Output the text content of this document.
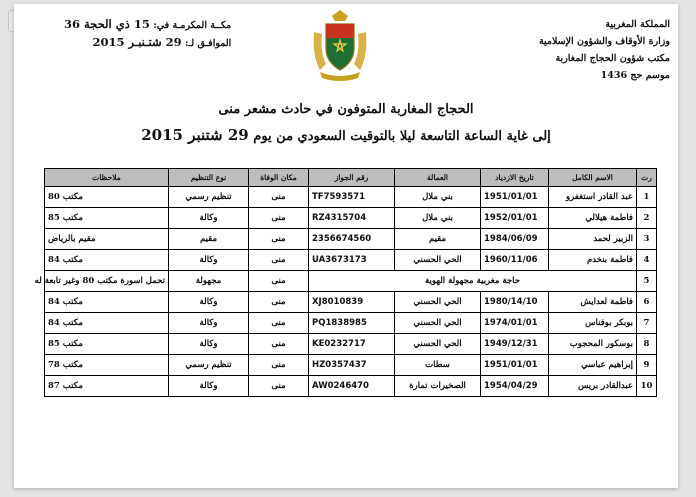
المملكة المغربية
وزارة الأوقاف والشؤون الإسلامية
مكتب شؤون الحجاج المغاربة
موسم حج 1436
مكــة المكرمـة في: 15 ذي الحجة 36
الموافـق لـ: 29 شتـنبـر 2015
الحجاج المغاربة المتوفون في حادث مشعر منى
إلى غاية الساعة التاسعة ليلا بالتوقيت السعودي من يوم 29 شتنبر 2015
رت	الاسم الكامل	تاريخ الازدياد	العمالة	رقم الجواز	مكان الوفاة	نوع التنظيم	ملاحظات
1	عبد القادر استغفرو	1951/01/01	بني ملال	TF7593571	منى	تنظيم رسمي	مكتب 80
2	فاطمة هيلالي	1952/01/01	بني ملال	RZ4315704	منى	وكالة	مكتب 85
3	الزبير لحمد	1984/06/09	مقيم	2356674560	منى	مقيم	مقيم بالرياض
4	فاطمة بنخدم	1960/11/06	الحي الحسني	UA3673173	منى	وكالة	مكتب 84
5	حاجة مغربية مجهولة الهوية				منى	مجهولة	تحمل اسورة مكتب 80 وغير تابعة له
6	فاطمة لعدايش	1980/14/10	الحي الحسني	XJ8010839	منى	وكالة	مكتب 84
7	بوبكر بوفناس	1974/01/01	الحي الحسني	PQ1838985	منى	وكالة	مكتب 84
8	بوسكور المحجوب	1949/12/31	الحي الحسني	KE0232717	منى	وكالة	مكتب 85
9	إبراهيم عباسي	1951/01/01	سطات	HZ0357437	منى	تنظيم رسمي	مكتب 78
10	عبدالقادر بريس	1954/04/29	الصخيرات تمارة	AW0246470	منى	وكالة	مكتب 87
